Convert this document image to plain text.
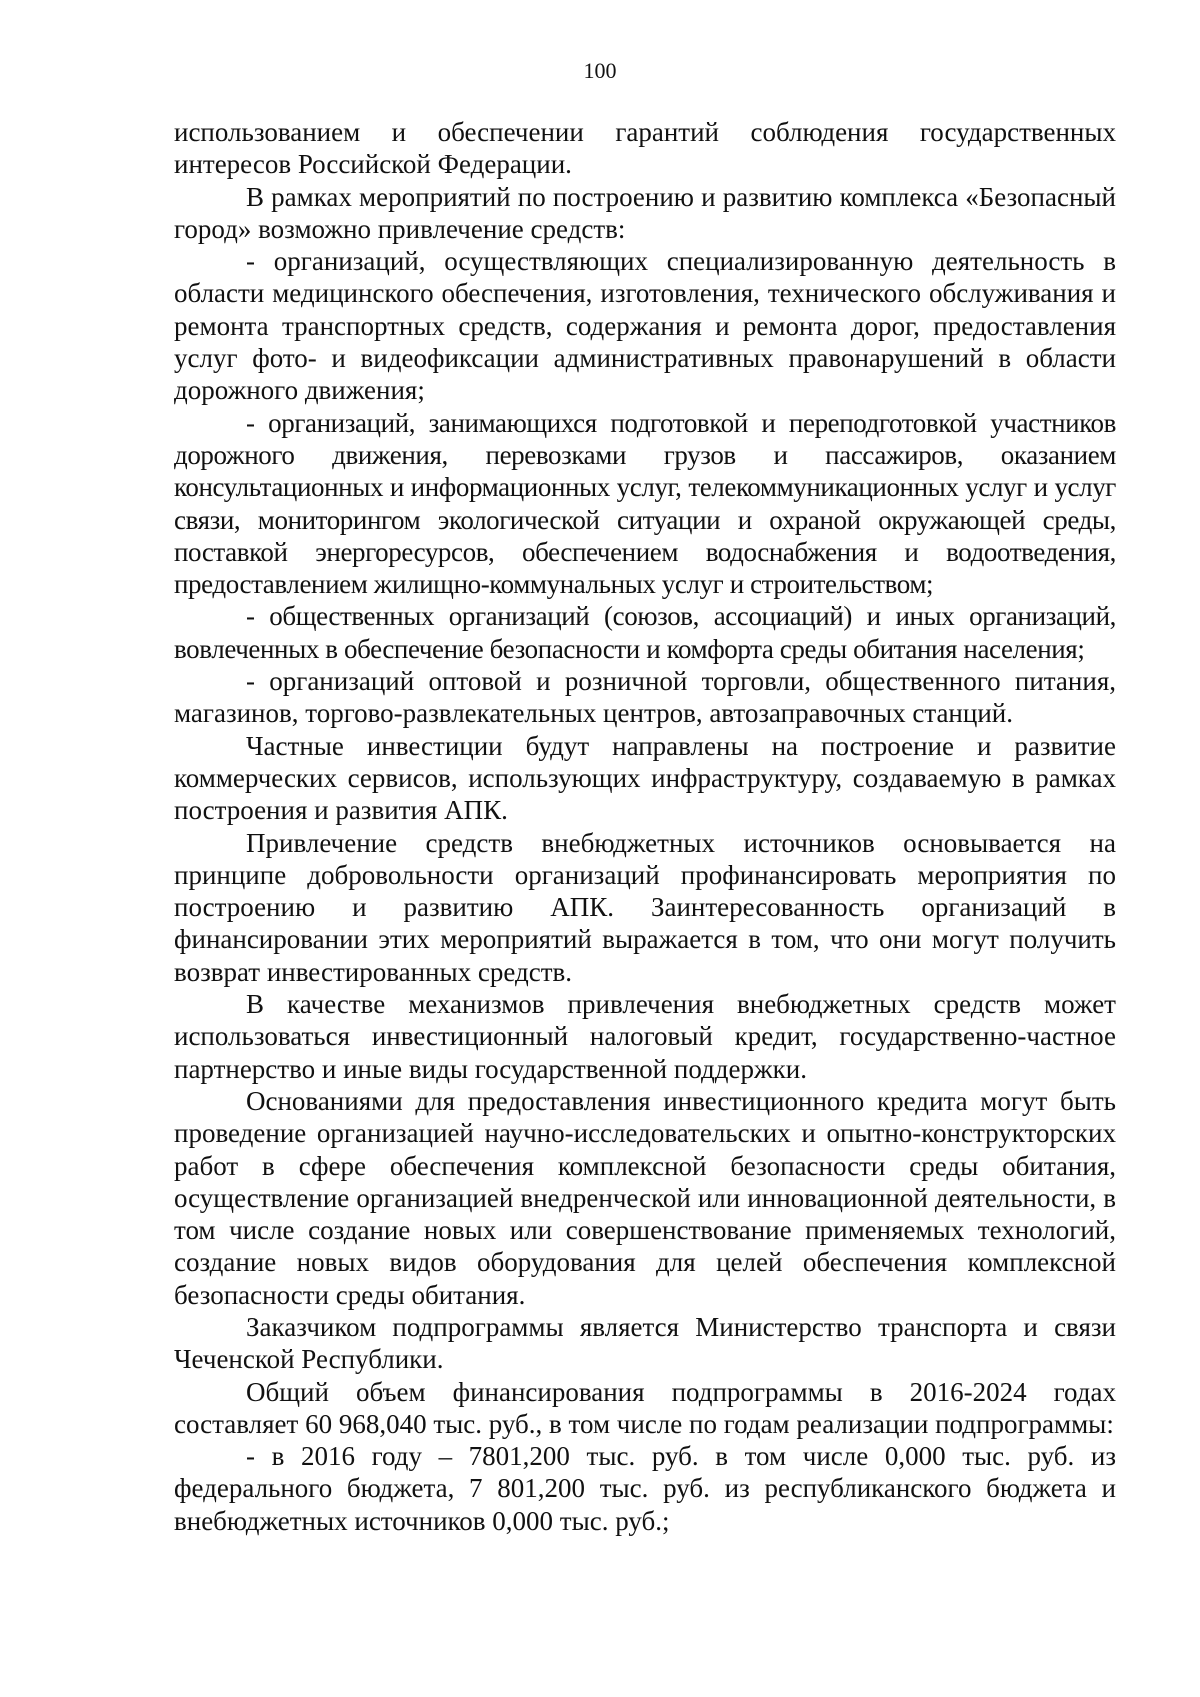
100

использованием и обеспечении гарантий соблюдения государственных интересов Российской Федерации.

В рамках мероприятий по построению и развитию комплекса «Безопасный город» возможно привлечение средств:

- организаций, осуществляющих специализированную деятельность в области медицинского обеспечения, изготовления, технического обслуживания и ремонта транспортных средств, содержания и ремонта дорог, предоставления услуг фото- и видеофиксации административных правонарушений в области дорожного движения;

- организаций, занимающихся подготовкой и переподготовкой участников дорожного движения, перевозками грузов и пассажиров, оказанием консультационных и информационных услуг, телекоммуникационных услуг и услуг связи, мониторингом экологической ситуации и охраной окружающей среды, поставкой энергоресурсов, обеспечением водоснабжения и водоотведения, предоставлением жилищно-коммунальных услуг и строительством;

- общественных организаций (союзов, ассоциаций) и иных организаций, вовлеченных в обеспечение безопасности и комфорта среды обитания населения;

- организаций оптовой и розничной торговли, общественного питания, магазинов, торгово-развлекательных центров, автозаправочных станций.

Частные инвестиции будут направлены на построение и развитие коммерческих сервисов, использующих инфраструктуру, создаваемую в рамках построения и развития АПК.

Привлечение средств внебюджетных источников основывается на принципе добровольности организаций профинансировать мероприятия по построению и развитию АПК. Заинтересованность организаций в финансировании этих мероприятий выражается в том, что они могут получить возврат инвестированных средств.

В качестве механизмов привлечения внебюджетных средств может использоваться инвестиционный налоговый кредит, государственно-частное партнерство и иные виды государственной поддержки.

Основаниями для предоставления инвестиционного кредита могут быть проведение организацией научно-исследовательских и опытно-конструкторских работ в сфере обеспечения комплексной безопасности среды обитания, осуществление организацией внедренческой или инновационной деятельности, в том числе создание новых или совершенствование применяемых технологий, создание новых видов оборудования для целей обеспечения комплексной безопасности среды обитания.

Заказчиком подпрограммы является Министерство транспорта и связи Чеченской Республики.

Общий объем финансирования подпрограммы в 2016-2024 годах составляет 60 968,040 тыс. руб., в том числе по годам реализации подпрограммы:

- в 2016 году – 7801,200 тыс. руб. в том числе 0,000 тыс. руб. из федерального бюджета, 7 801,200 тыс. руб. из республиканского бюджета и внебюджетных источников 0,000 тыс. руб.;
